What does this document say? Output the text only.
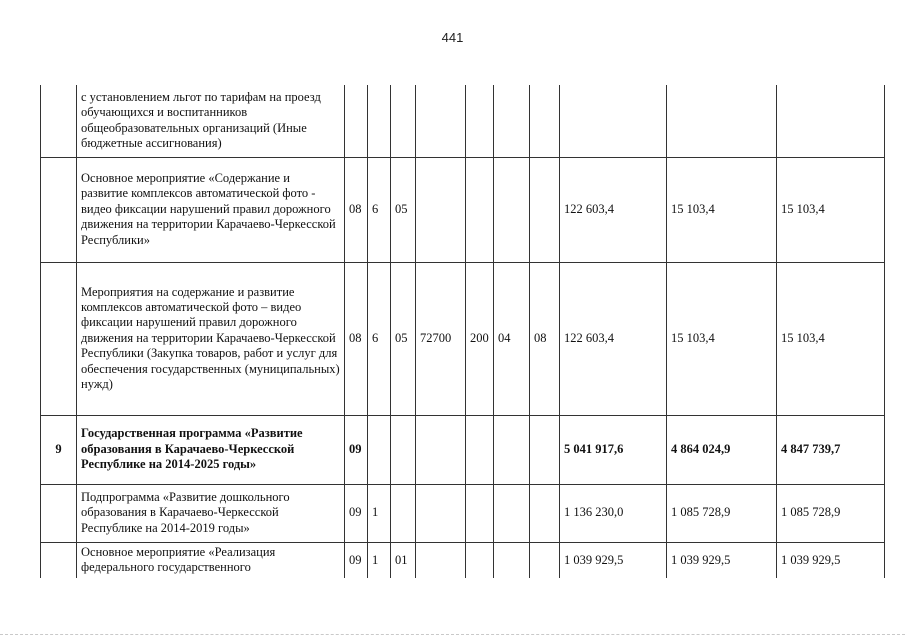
441
	с установлением льгот по тарифам на проезд обучающихся и воспитанников общеобразовательных организаций (Иные бюджетные ассигнования)										
	Основное мероприятие «Содержание и развитие комплексов автоматической фото - видео фиксации нарушений правил дорожного движения на территории Карачаево-Черкесской Республики»	08	6	05					122 603,4	15 103,4	15 103,4
	Мероприятия на содержание и развитие комплексов автоматической фото – видео фиксации нарушений правил дорожного движения на территории Карачаево-Черкесской Республики (Закупка товаров, работ и услуг для обеспечения государственных (муниципальных) нужд)	08	6	05	72700	200	04	08	122 603,4	15 103,4	15 103,4
9	Государственная программа «Развитие образования в Карачаево-Черкесской Республике на 2014-2025 годы»	09							5 041 917,6	4 864 024,9	4 847 739,7
	Подпрограмма «Развитие дошкольного образования в Карачаево-Черкесской Республике на 2014-2019 годы»	09	1						1 136 230,0	1 085 728,9	1 085 728,9
	Основное мероприятие «Реализация федерального государственного	09	1	01					1 039 929,5	1 039 929,5	1 039 929,5
